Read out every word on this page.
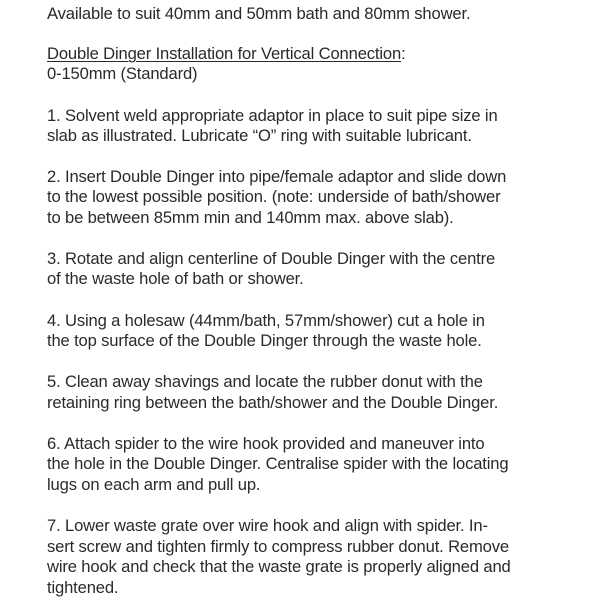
Available to suit 40mm and 50mm bath and 80mm shower.
Double Dinger Installation for Vertical Connection:
0-150mm (Standard)
1. Solvent weld appropriate adaptor in place to suit pipe size in
slab as illustrated. Lubricate “O” ring with suitable lubricant.
2. Insert Double Dinger into pipe/female adaptor and slide down
to the lowest possible position. (note: underside of bath/shower
to be between 85mm min and 140mm max. above slab).
3. Rotate and align centerline of Double Dinger with the centre
of the waste hole of bath or shower.
4. Using a holesaw (44mm/bath, 57mm/shower) cut a hole in
the top surface of the Double Dinger through the waste hole.
5. Clean away shavings and locate the rubber donut with the
retaining ring between the bath/shower and the Double Dinger.
6. Attach spider to the wire hook provided and maneuver into
the hole in the Double Dinger. Centralise spider with the locating
lugs on each arm and pull up.
7. Lower waste grate over wire hook and align with spider. In-
sert screw and tighten firmly to compress rubber donut. Remove
wire hook and check that the waste grate is properly aligned and
tightened.
